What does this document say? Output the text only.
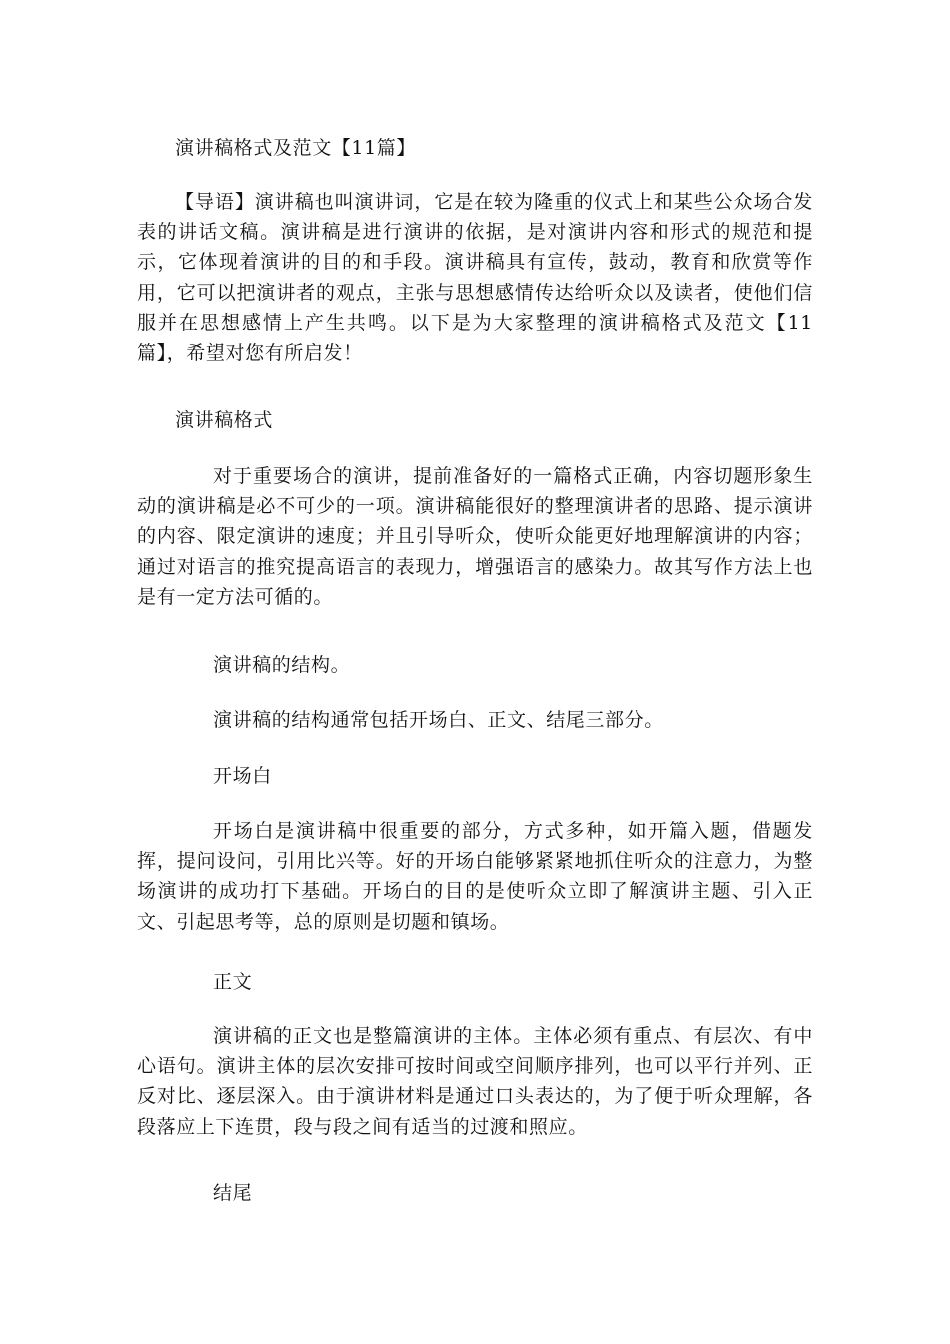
演讲稿格式及范文【11篇】

【导语】演讲稿也叫演讲词，它是在较为隆重的仪式上和某些公众场合发表的讲话文稿。演讲稿是进行演讲的依据，是对演讲内容和形式的规范和提示，它体现着演讲的目的和手段。演讲稿具有宣传，鼓动，教育和欣赏等作用，它可以把演讲者的观点，主张与思想感情传达给听众以及读者，使他们信服并在思想感情上产生共鸣。以下是为大家整理的演讲稿格式及范文【11篇】，希望对您有所启发！

演讲稿格式

对于重要场合的演讲，提前准备好的一篇格式正确，内容切题形象生动的演讲稿是必不可少的一项。演讲稿能很好的整理演讲者的思路、提示演讲的内容、限定演讲的速度；并且引导听众，使听众能更好地理解演讲的内容；通过对语言的推究提高语言的表现力，增强语言的感染力。故其写作方法上也是有一定方法可循的。

演讲稿的结构。

演讲稿的结构通常包括开场白、正文、结尾三部分。

开场白

开场白是演讲稿中很重要的部分，方式多种，如开篇入题，借题发挥，提问设问，引用比兴等。好的开场白能够紧紧地抓住听众的注意力，为整场演讲的成功打下基础。开场白的目的是使听众立即了解演讲主题、引入正文、引起思考等，总的原则是切题和镇场。

正文

演讲稿的正文也是整篇演讲的主体。主体必须有重点、有层次、有中心语句。演讲主体的层次安排可按时间或空间顺序排列，也可以平行并列、正反对比、逐层深入。由于演讲材料是通过口头表达的，为了便于听众理解，各段落应上下连贯，段与段之间有适当的过渡和照应。

结尾
